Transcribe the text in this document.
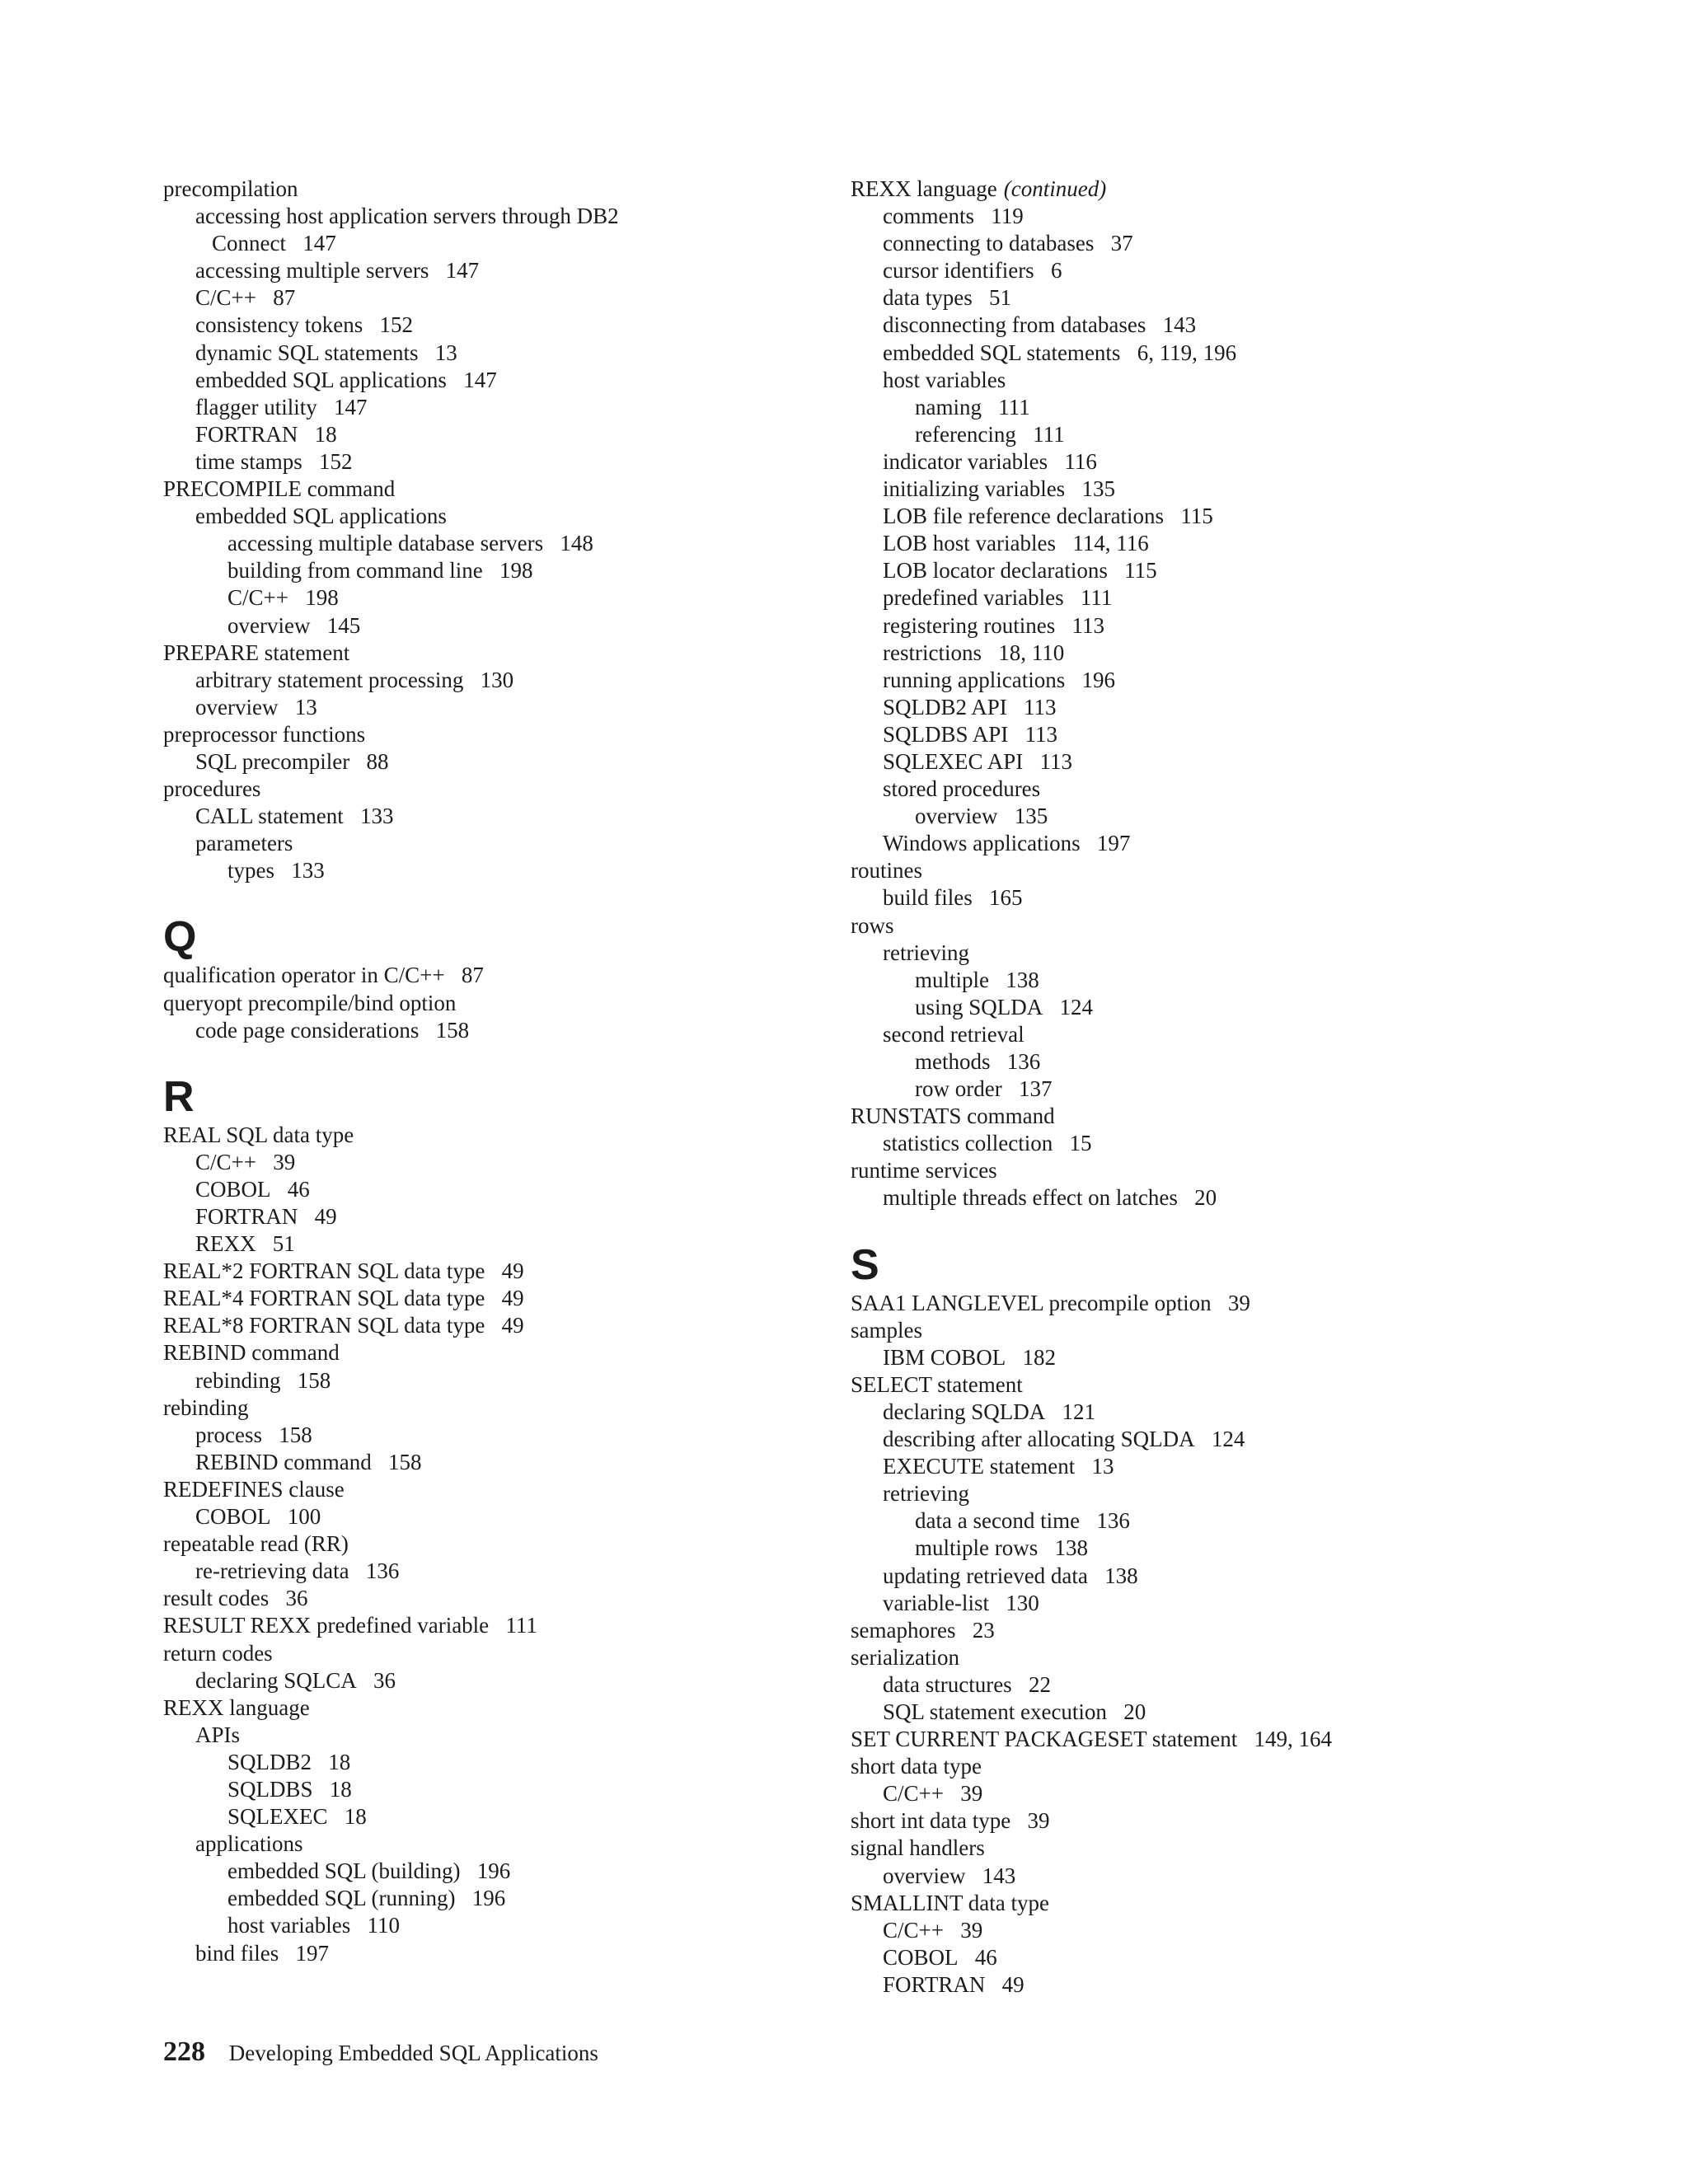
precompilation
accessing host application servers through DB2
Connect 147
accessing multiple servers 147
C/C++ 87
consistency tokens 152
dynamic SQL statements 13
embedded SQL applications 147
flagger utility 147
FORTRAN 18
time stamps 152
PRECOMPILE command
embedded SQL applications
accessing multiple database servers 148
building from command line 198
C/C++ 198
overview 145
PREPARE statement
arbitrary statement processing 130
overview 13
preprocessor functions
SQL precompiler 88
procedures
CALL statement 133
parameters
types 133
Q
qualification operator in C/C++ 87
queryopt precompile/bind option
code page considerations 158
R
REAL SQL data type
C/C++ 39
COBOL 46
FORTRAN 49
REXX 51
REAL*2 FORTRAN SQL data type 49
REAL*4 FORTRAN SQL data type 49
REAL*8 FORTRAN SQL data type 49
REBIND command
rebinding 158
rebinding
process 158
REBIND command 158
REDEFINES clause
COBOL 100
repeatable read (RR)
re-retrieving data 136
result codes 36
RESULT REXX predefined variable 111
return codes
declaring SQLCA 36
REXX language
APIs
SQLDB2 18
SQLDBS 18
SQLEXEC 18
applications
embedded SQL (building) 196
embedded SQL (running) 196
host variables 110
bind files 197
REXX language (continued)
comments 119
connecting to databases 37
cursor identifiers 6
data types 51
disconnecting from databases 143
embedded SQL statements 6, 119, 196
host variables
naming 111
referencing 111
indicator variables 116
initializing variables 135
LOB file reference declarations 115
LOB host variables 114, 116
LOB locator declarations 115
predefined variables 111
registering routines 113
restrictions 18, 110
running applications 196
SQLDB2 API 113
SQLDBS API 113
SQLEXEC API 113
stored procedures
overview 135
Windows applications 197
routines
build files 165
rows
retrieving
multiple 138
using SQLDA 124
second retrieval
methods 136
row order 137
RUNSTATS command
statistics collection 15
runtime services
multiple threads effect on latches 20
S
SAA1 LANGLEVEL precompile option 39
samples
IBM COBOL 182
SELECT statement
declaring SQLDA 121
describing after allocating SQLDA 124
EXECUTE statement 13
retrieving
data a second time 136
multiple rows 138
updating retrieved data 138
variable-list 130
semaphores 23
serialization
data structures 22
SQL statement execution 20
SET CURRENT PACKAGESET statement 149, 164
short data type
C/C++ 39
short int data type 39
signal handlers
overview 143
SMALLINT data type
C/C++ 39
COBOL 46
FORTRAN 49
228 Developing Embedded SQL Applications
